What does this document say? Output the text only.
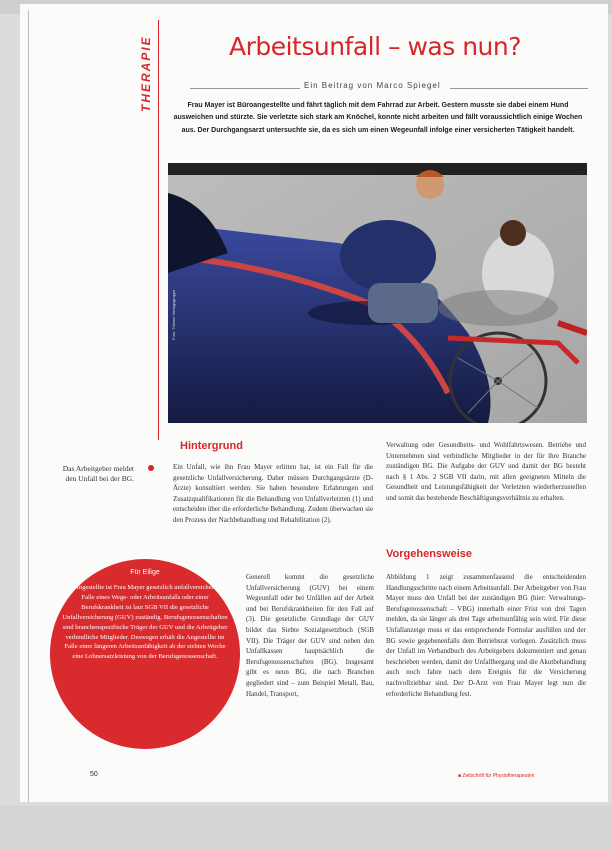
THERAPIE	Arbeitsunfall – was nun?
Ein Beitrag von Marco Spiegel
Frau Mayer ist Büroangestellte und fährt täglich mit dem Fahrrad zur Arbeit. Gestern musste sie dabei einem Hund ausweichen und stürzte. Sie verletzte sich stark am Knöchel, konnte nicht arbeiten und fällt voraussichtlich einige Wochen aus. Der Durchgangsarzt untersuchte sie, da es sich um einen Wegeunfall infolge einer versicherten Tätigkeit handelt.
Foto: Thieme Verlagsgruppe
Hintergrund

Ein Unfall, wie ihn Frau Mayer erlitten hat, ist ein Fall für die gesetzliche Unfallversicherung. Daher müssen Durchgangsärzte (D-Ärzte) konsultiert werden. Sie haben besondere Erfahrungen und Zusatzqualifikationen für die Behandlung von Unfallverletzten (1) und entscheiden über die erforderliche Behandlung. Zudem überwachen sie den Prozess der Nachbehandlung und Rehabilitation (2).

Das Arbeitgeber meldet den Unfall bei der BG.

Generell kommt die gesetzliche Unfallversicherung (GUV) bei einem Wegeunfall oder bei Unfällen auf der Arbeit und bei Berufskrankheiten für den Fall auf (3). Die gesetzliche Grundlage der GUV bildet das Siebte Sozialgesetzbuch (SGB VII). Die Träger der GUV sind neben den Unfallkassen hauptsächlich die Berufsgenossenschaften (BG). Insgesamt gibt es neun BG, die nach Branchen gegliedert sind – zum Beispiel Metall, Bau, Handel, Transport,

Verwaltung oder Gesundheits- und Wohlfahrtswesen. Betriebe und Unternehmen sind verbindliche Mitglieder in der für ihre Branche zuständigen BG. Die Aufgabe der GUV und damit der BG besteht nach § 1 Abs. 2 SGB VII darin, mit allen geeigneten Mitteln die Gesundheit und Leistungsfähigkeit der Verletzten wiederherzustellen und somit das bestehende Beschäftigungsverhältnis zu erhalten.

Vorgehensweise

Abbildung 1 zeigt zusammenfassend die entscheidenden Handlungsschritte nach einem Arbeitsunfall. Der Arbeitgeber von Frau Mayer muss den Unfall bei der zuständigen BG (hier: Verwaltungs-Berufsgenossenschaft – VBG) innerhalb einer Frist von drei Tagen melden, da sie länger als drei Tage arbeitsunfähig sein wird. Für diese Unfallanzeige muss er das entsprechende Formular ausfüllen und der BG sowie gegebenenfalls dem Betriebsrat vorlegen. Zusätzlich muss der Unfall im Verbandbuch des Arbeitgebers dokumentiert und genau beschrieben werden, damit der Unfallhergang und die Akutbehandlung auch noch Jahre nach dem Ereignis für die Versicherung nachvollziehbar sind. Der D-Arzt von Frau Mayer legt nun die erforderliche Behandlung fest.

Für Eilige
Als Angestellte ist Frau Mayer gesetzlich unfallversichert. Im Falle eines Wege- oder Arbeitsunfalls oder einer Berufskrankheit ist laut SGB VII die gesetzliche Unfallversicherung (GUV) zuständig. Berufsgenossenschaften sind branchenspezifische Träger der GUV und die Arbeitgeber verbindliche Mitglieder. Deswegen erhält die Angestellte im Falle einer längeren Arbeitsunfähigkeit ab der siebten Woche eine Lohnersatzleistung von der Berufsgenossenschaft.
50	■ Zeitschrift für Physiotherapeuten
